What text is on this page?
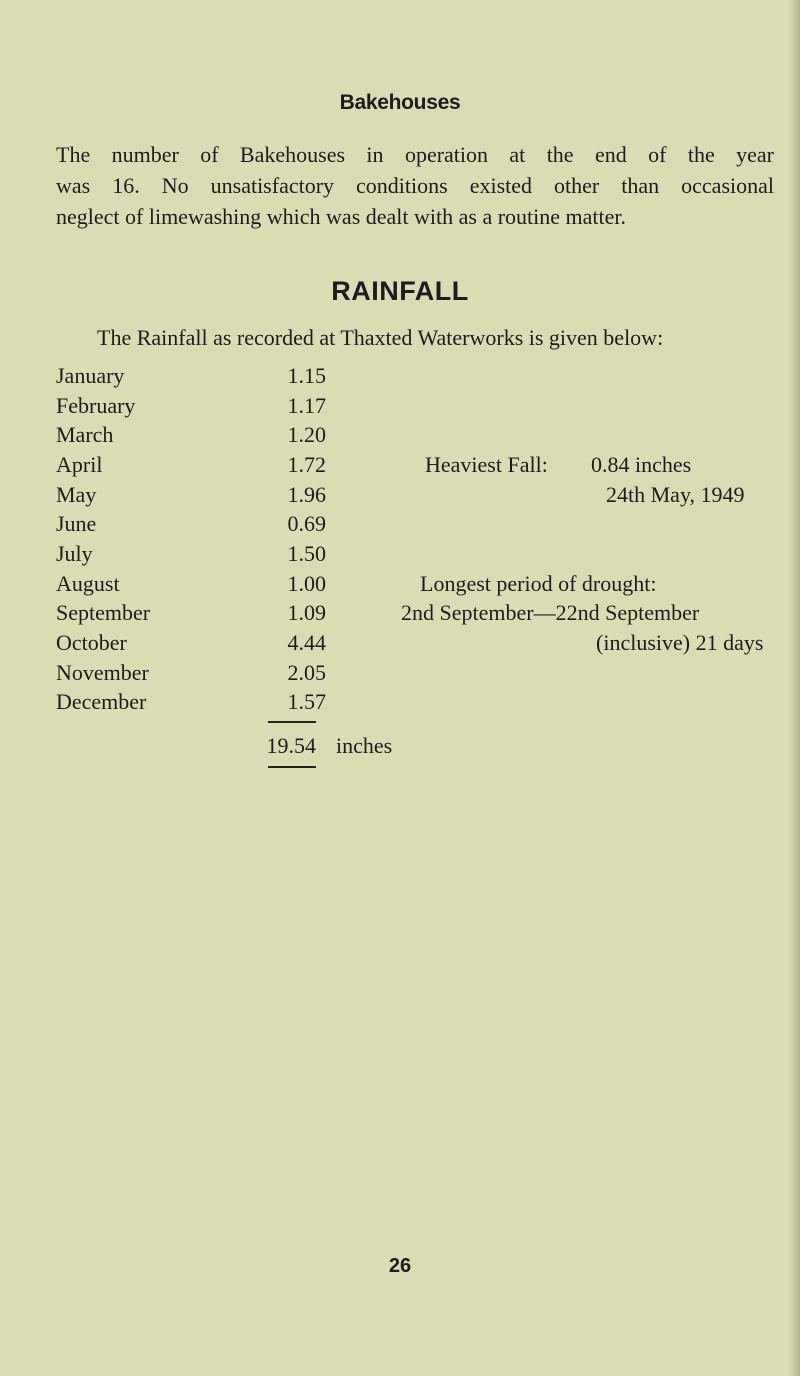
Bakehouses
The number of Bakehouses in operation at the end of the year
was 16. No unsatisfactory conditions existed other than occasional
neglect of limewashing which was dealt with as a routine matter.
RAINFALL
The Rainfall as recorded at Thaxted Waterworks is given below:
January	1.15
February	1.17
March	1.20
April	1.72
May	1.96
June	0.69
July	1.50
August	1.00
September	1.09
October	4.44
November	2.05
December	1.57
19.54 inches
Heaviest Fall: 0.84 inches
24th May, 1949
Longest period of drought:
2nd September—22nd September
(inclusive) 21 days
26
